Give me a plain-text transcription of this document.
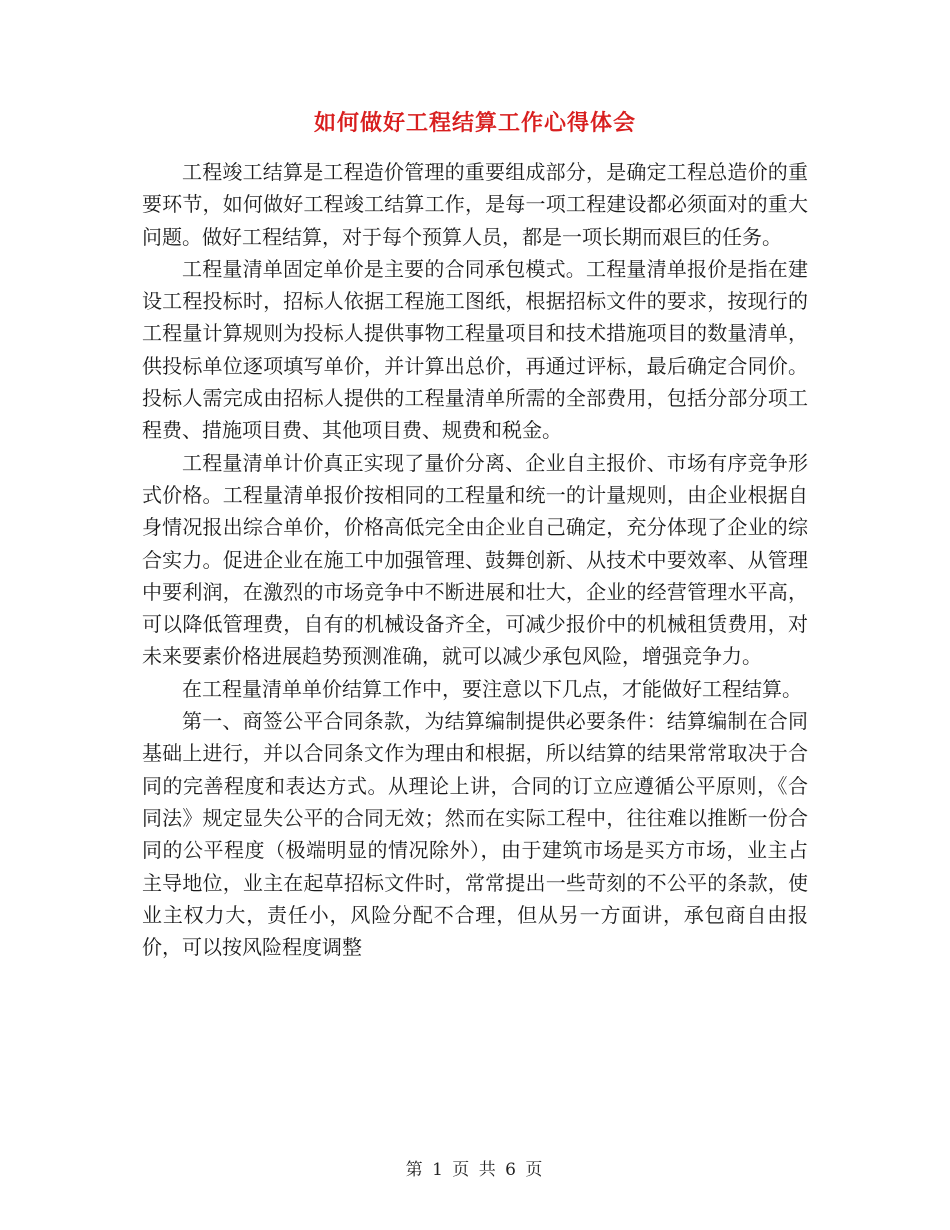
如何做好工程结算工作心得体会

工程竣工结算是工程造价管理的重要组成部分，是确定工程总造价的重要环节，如何做好工程竣工结算工作，是每一项工程建设都必须面对的重大问题。做好工程结算，对于每个预算人员，都是一项长期而艰巨的任务。

工程量清单固定单价是主要的合同承包模式。工程量清单报价是指在建设工程投标时，招标人依据工程施工图纸，根据招标文件的要求，按现行的工程量计算规则为投标人提供事物工程量项目和技术措施项目的数量清单，供投标单位逐项填写单价，并计算出总价，再通过评标，最后确定合同价。投标人需完成由招标人提供的工程量清单所需的全部费用，包括分部分项工程费、措施项目费、其他项目费、规费和税金。

工程量清单计价真正实现了量价分离、企业自主报价、市场有序竞争形式价格。工程量清单报价按相同的工程量和统一的计量规则，由企业根据自身情况报出综合单价，价格高低完全由企业自己确定，充分体现了企业的综合实力。促进企业在施工中加强管理、鼓舞创新、从技术中要效率、从管理中要利润，在激烈的市场竞争中不断进展和壮大，企业的经营管理水平高，可以降低管理费，自有的机械设备齐全，可减少报价中的机械租赁费用，对未来要素价格进展趋势预测准确，就可以减少承包风险，增强竞争力。

在工程量清单单价结算工作中，要注意以下几点，才能做好工程结算。

第一、商签公平合同条款，为结算编制提供必要条件：结算编制在合同基础上进行，并以合同条文作为理由和根据，所以结算的结果常常取决于合同的完善程度和表达方式。从理论上讲，合同的订立应遵循公平原则，《合同法》规定显失公平的合同无效；然而在实际工程中，往往难以推断一份合同的公平程度（极端明显的情况除外），由于建筑市场是买方市场，业主占主导地位，业主在起草招标文件时，常常提出一些苛刻的不公平的条款，使业主权力大，责任小，风险分配不合理，但从另一方面讲，承包商自由报价，可以按风险程度调整

第 1 页 共 6 页
